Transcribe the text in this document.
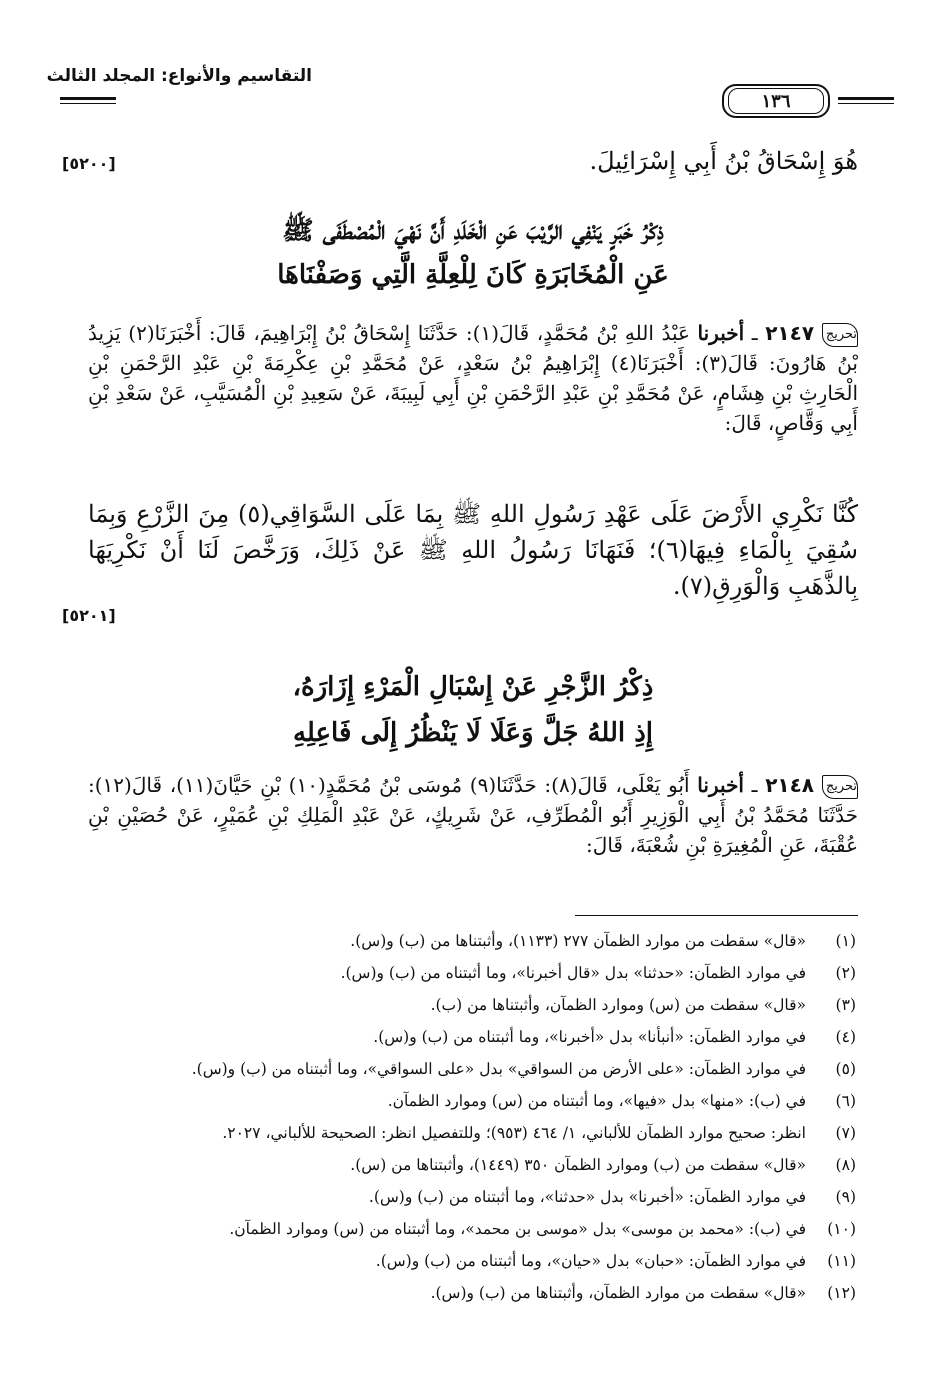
التقاسيم والأنواع: المجلد الثالث
١٣٦
هُوَ إِسْحَاقُ بْنُ أَبِي إِسْرَائِيلَ.
[٥٢٠٠]
ذِكْرُ خَبَرٍ يَنْفِي الرَّيْبَ عَنِ الْخَلَدِ أَنَّ نَهْيَ الْمُصْطَفَى ﷺ
عَنِ الْمُخَابَرَةِ كَانَ لِلْعِلَّةِ الَّتِي وَصَفْنَاهَا
تحريج٢١٤٧ ـ أخبرنا عَبْدُ اللهِ بْنُ مُحَمَّدٍ، قَالَ(١): حَدَّثَنَا إِسْحَاقُ بْنُ إِبْرَاهِيمَ، قَالَ: أَخْبَرَنَا(٢) يَزِيدُ بْنُ هَارُونَ: قَالَ(٣): أَخْبَرَنَا(٤) إِبْرَاهِيمُ بْنُ سَعْدٍ، عَنْ مُحَمَّدِ بْنِ عِكْرِمَةَ بْنِ عَبْدِ الرَّحْمَنِ بْنِ الْحَارِثِ بْنِ هِشَامٍ، عَنْ مُحَمَّدِ بْنِ عَبْدِ الرَّحْمَنِ بْنِ أَبِي لَبِيبَةَ، عَنْ سَعِيدِ بْنِ الْمُسَيَّبِ، عَنْ سَعْدِ بْنِ أَبِي وَقَّاصٍ، قَالَ:
كُنَّا نَكْرِي الأَرْضَ عَلَى عَهْدِ رَسُولِ اللهِ ﷺ بِمَا عَلَى السَّوَاقِي(٥) مِنَ الزَّرْعِ وَبِمَا سُقِيَ بِالْمَاءِ فِيهَا(٦)؛ فَنَهَانَا رَسُولُ اللهِ ﷺ عَنْ ذَلِكَ، وَرَخَّصَ لَنَا أَنْ نَكْرِيَهَا بِالذَّهَبِ وَالْوَرِقِ(٧).
[٥٢٠١]
ذِكْرُ الزَّجْرِ عَنْ إِسْبَالِ الْمَرْءِ إِزَارَهُ،
إِذِ اللهُ جَلَّ وَعَلَا لَا يَنْظُرُ إِلَى فَاعِلِهِ
تحريج٢١٤٨ ـ أخبرنا أَبُو يَعْلَى، قَالَ(٨): حَدَّثَنَا(٩) مُوسَى بْنُ مُحَمَّدٍ(١٠) بْنِ حَيَّانَ(١١)، قَالَ(١٢): حَدَّثَنَا مُحَمَّدُ بْنُ أَبِي الْوَزِيرِ أَبُو الْمُطَرِّفِ، عَنْ شَرِيكٍ، عَنْ عَبْدِ الْمَلِكِ بْنِ عُمَيْرٍ، عَنْ حُصَيْنِ بْنِ عُقْبَةَ، عَنِ الْمُغِيرَةِ بْنِ شُعْبَةَ، قَالَ:
(١)«قال» سقطت من موارد الظمآن ٢٧٧ (١١٣٣)، وأثبتناها من (ب) و(س).
(٢)في موارد الظمآن: «حدثنا» بدل «قال أخبرنا»، وما أثبتناه من (ب) و(س).
(٣)«قال» سقطت من (س) وموارد الظمآن، وأثبتناها من (ب).
(٤)في موارد الظمآن: «أنبأنا» بدل «أخبرنا»، وما أثبتناه من (ب) و(س).
(٥)في موارد الظمآن: «على الأرض من السواقي» بدل «على السواقي»، وما أثبتناه من (ب) و(س).
(٦)في (ب): «منها» بدل «فيها»، وما أثبتناه من (س) وموارد الظمآن.
(٧)انظر: صحيح موارد الظمآن للألباني، ١/ ٤٦٤ (٩٥٣)؛ وللتفصيل انظر: الصحيحة للألباني، ٢٠٢٧.
(٨)«قال» سقطت من (ب) وموارد الظمآن ٣٥٠ (١٤٤٩)، وأثبتناها من (س).
(٩)في موارد الظمآن: «أخبرنا» بدل «حدثنا»، وما أثبتناه من (ب) و(س).
(١٠)في (ب): «محمد بن موسى» بدل «موسى بن محمد»، وما أثبتناه من (س) وموارد الظمآن.
(١١)في موارد الظمآن: «حبان» بدل «حيان»، وما أثبتناه من (ب) و(س).
(١٢)«قال» سقطت من موارد الظمآن، وأثبتناها من (ب) و(س).
